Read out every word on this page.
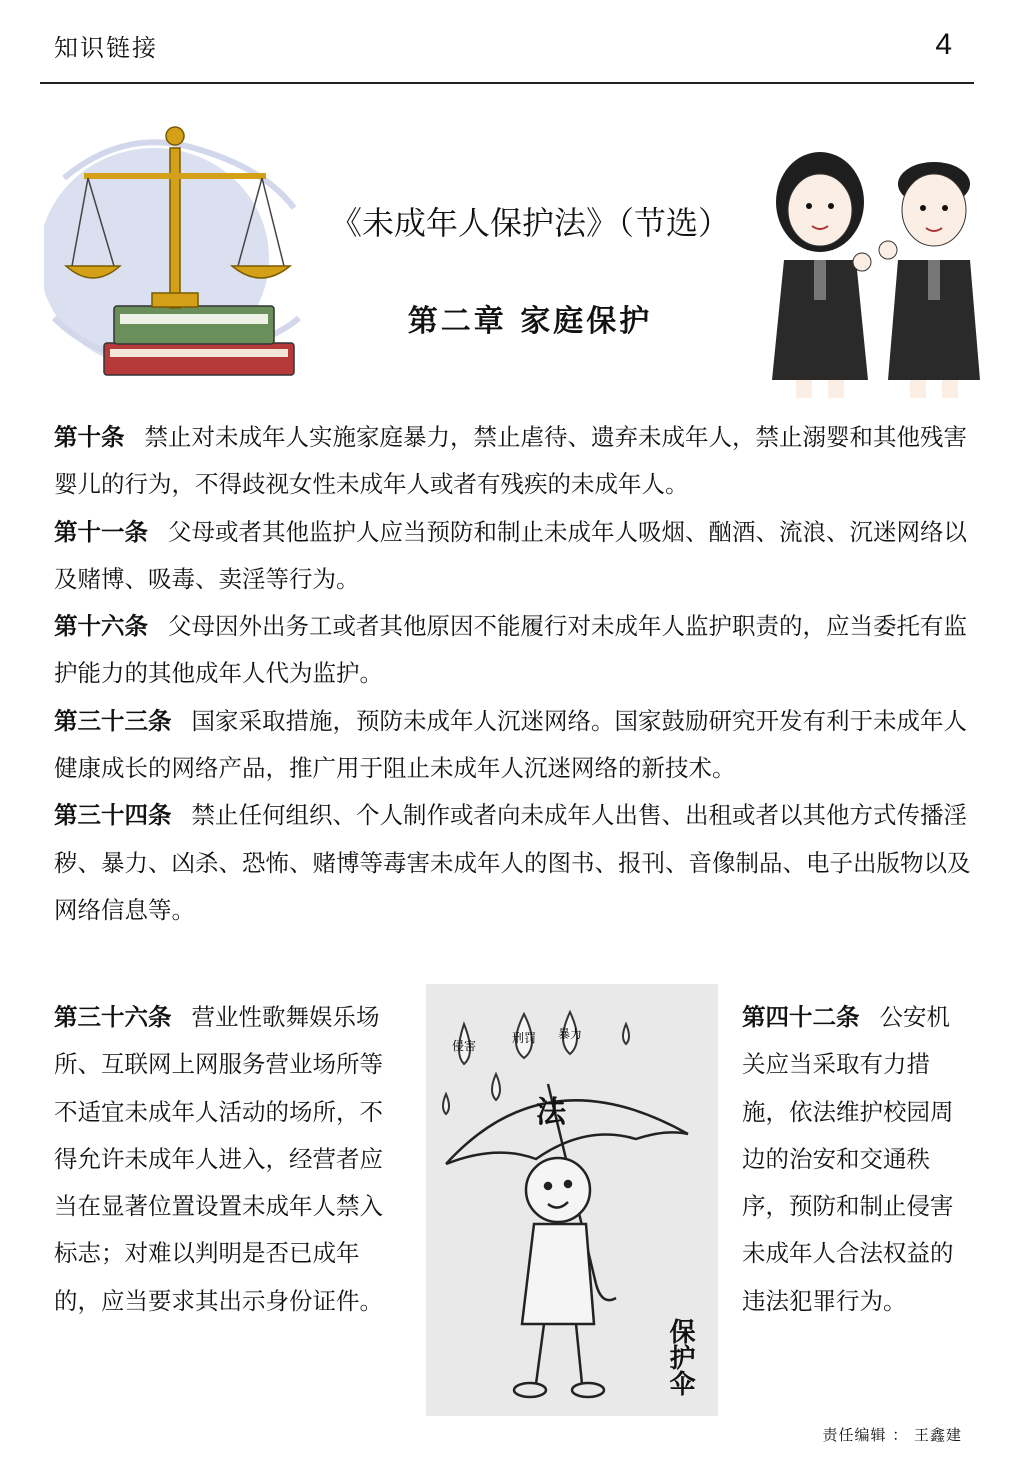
知识链接	4
《未成年人保护法》（节选）
第二章 家庭保护

第十条 禁止对未成年人实施家庭暴力，禁止虐待、遗弃未成年人，禁止溺婴和其他残害婴儿的行为，不得歧视女性未成年人或者有残疾的未成年人。

第十一条 父母或者其他监护人应当预防和制止未成年人吸烟、酗酒、流浪、沉迷网络以及赌博、吸毒、卖淫等行为。

第十六条 父母因外出务工或者其他原因不能履行对未成年人监护职责的，应当委托有监护能力的其他成年人代为监护。

第三十三条 国家采取措施，预防未成年人沉迷网络。国家鼓励研究开发有利于未成年人健康成长的网络产品，推广用于阻止未成年人沉迷网络的新技术。

第三十四条 禁止任何组织、个人制作或者向未成年人出售、出租或者以其他方式传播淫秽、暴力、凶杀、恐怖、赌博等毒害未成年人的图书、报刊、音像制品、电子出版物以及网络信息等。

第三十六条 营业性歌舞娱乐场所、互联网上网服务营业场所等不适宜未成年人活动的场所，不得允许未成年人进入，经营者应当在显著位置设置未成年人禁入标志；对难以判明是否已成年的，应当要求其出示身份证件。

侵害
刑罚 暴力
法
保护伞

第四十二条 公安机关应当采取有力措施，依法维护校园周边的治安和交通秩序，预防和制止侵害未成年人合法权益的违法犯罪行为。

责任编辑 ： 王鑫建
